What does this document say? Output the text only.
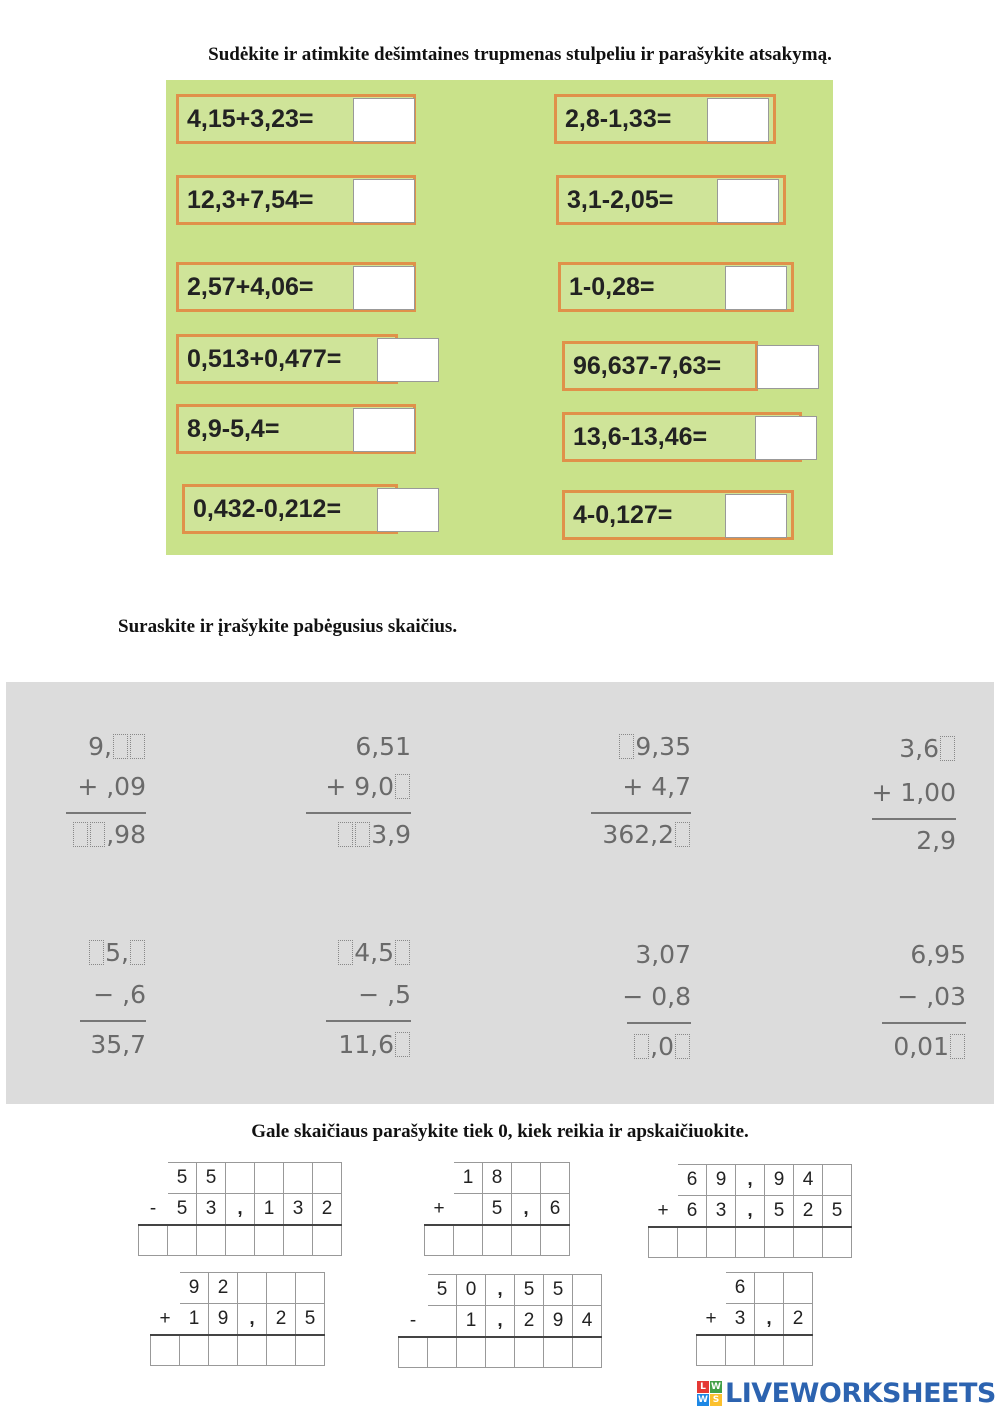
Sudėkite ir atimkite dešimtaines trupmenas stulpeliu ir parašykite atsakymą.
4,15+3,23=
12,3+7,54=
2,57+4,06=
0,513+0,477=
8,9-5,4=
0,432-0,212=
2,8-1,33=
3,1-2,05=
1-0,28=
96,637-7,63=
13,6-13,46=
4-0,127=
Suraskite ir įrašykite pabėgusius skaičius.
9,
+ ,09
,98
6,51
+ 9,0
3,9
9,35
+ 4,7
362,2
3,6
+ 1,00
2,9
5,
− ,6
35,7
4,5
− ,5
11,6
3,07
− 0,8
,0
6,95
− ,03
0,01
Gale skaičiaus parašykite tiek 0, kiek reikia ir apskaičiuokite.
	5	5				
-	5	3	,	1	3	2

	1	8		
+		5	,	6

	6	9	,	9	4	
+	6	3	,	5	2	5

	9	2			
+	1	9	,	2	5

	5	0	,	5	5	
-		1	,	2	9	4

	6		
+	3	,	2

L W
W S LIVEWORKSHEETS
